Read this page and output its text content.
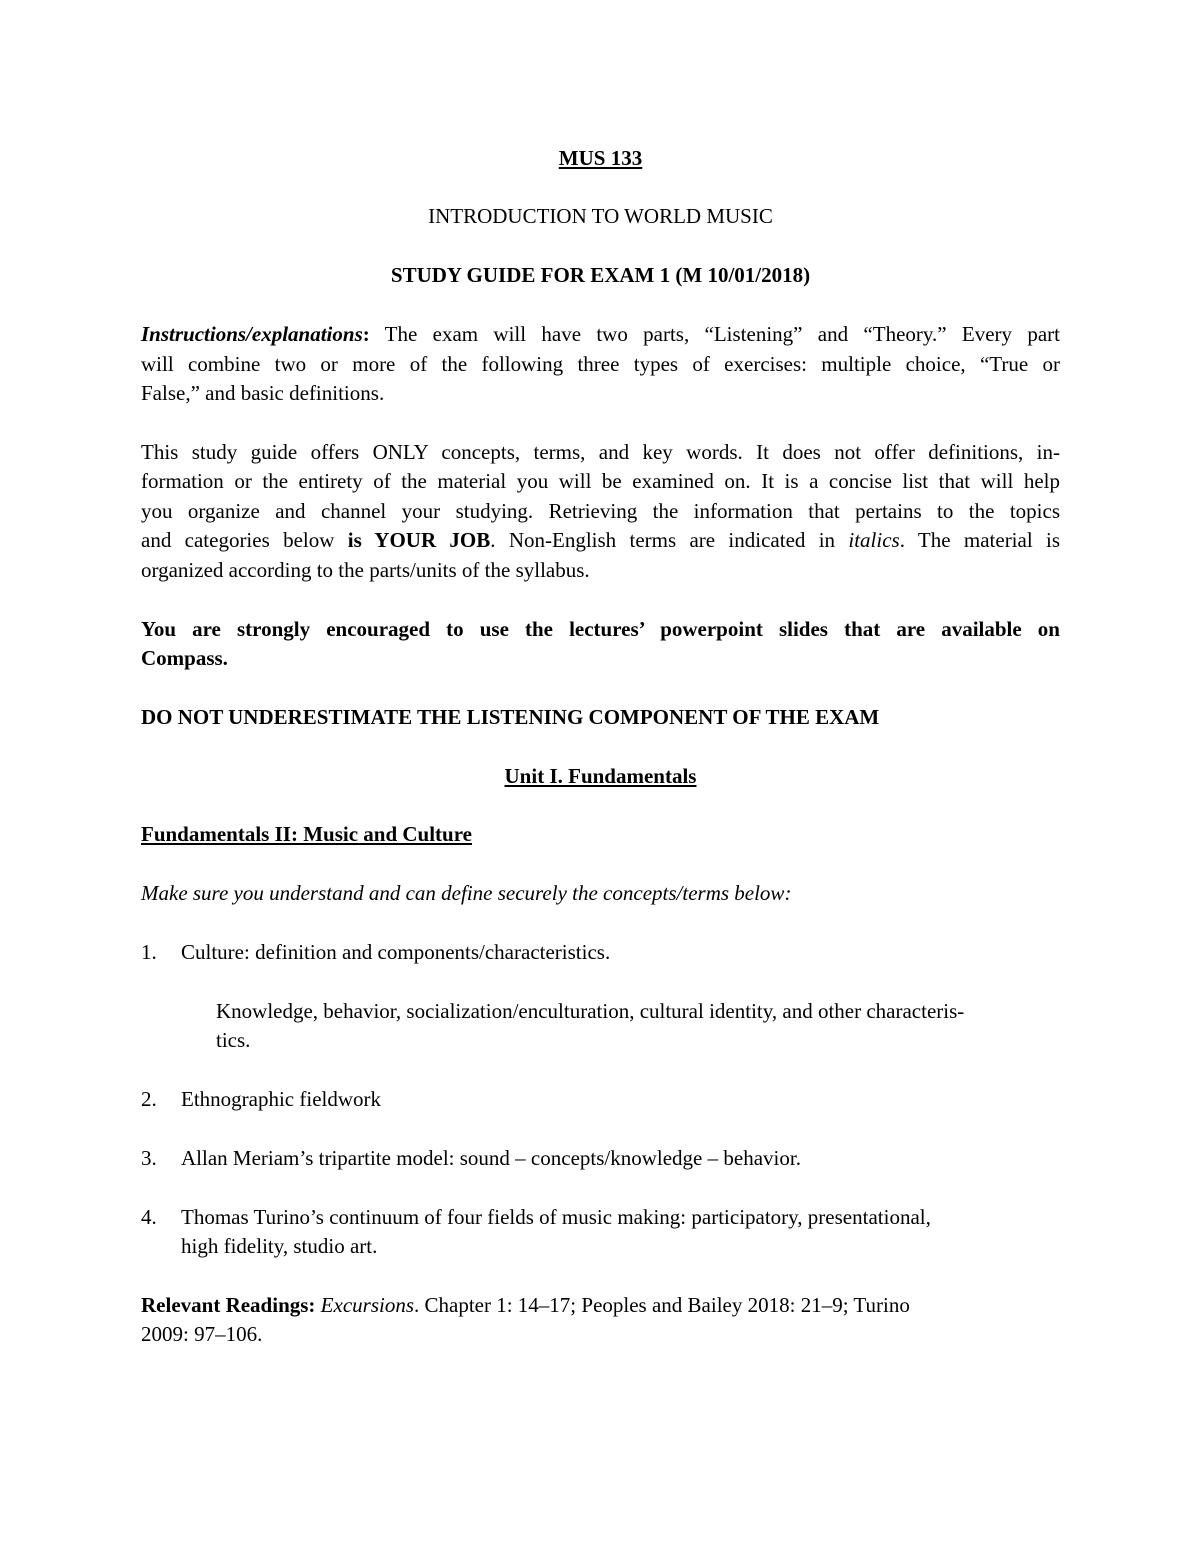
MUS 133

INTRODUCTION TO WORLD MUSIC

STUDY GUIDE FOR EXAM 1 (M 10/01/2018)

Instructions/explanations: The exam will have two parts, “Listening” and “Theory.” Every part

will combine two or more of the following three types of exercises: multiple choice, “True or

False,” and basic definitions.

This study guide offers ONLY concepts, terms, and key words. It does not offer definitions, in-

formation or the entirety of the material you will be examined on. It is a concise list that will help

you organize and channel your studying. Retrieving the information that pertains to the topics

and categories below is YOUR JOB. Non-English terms are indicated in italics. The material is

organized according to the parts/units of the syllabus.

You are strongly encouraged to use the lectures’ powerpoint slides that are available on

Compass.

DO NOT UNDERESTIMATE THE LISTENING COMPONENT OF THE EXAM

Unit I. Fundamentals

Fundamentals II: Music and Culture

Make sure you understand and can define securely the concepts/terms below:

1. Culture: definition and components/characteristics.
Knowledge, behavior, socialization/enculturation, cultural identity, and other characteris-
tics.
2. Ethnographic fieldwork
3. Allan Meriam’s tripartite model: sound – concepts/knowledge – behavior.
4. Thomas Turino’s continuum of four fields of music making: participatory, presentational,
high fidelity, studio art.

Relevant Readings: Excursions. Chapter 1: 14–17; Peoples and Bailey 2018: 21–9; Turino

2009: 97–106.
